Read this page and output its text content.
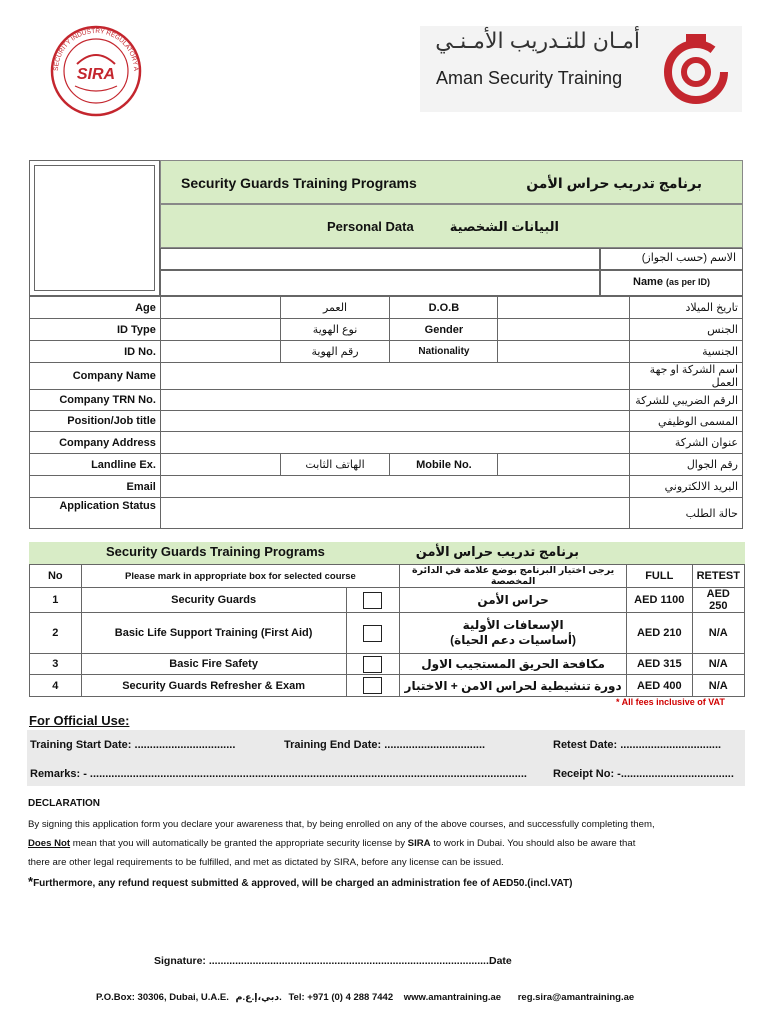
SECURITY INDUSTRY REGULATORY A
SIRA
أمـان للتـدريب الأمـنـي
Aman Security Training
Security Guards Training Programs	برنامج تدريب حراس الأمن
Personal Data	البيانات الشخصية
الاسم (حسب الجواز)
Name (as per ID)
Age		العمر	D.O.B		تاريخ الميلاد
ID Type		نوع الهوية	Gender		الجنس
ID No.		رقم الهوية	Nationality		الجنسية
Company Name					اسم الشركة او جهة العمل
Company TRN No.					الرقم الضريبي للشركة
Position/Job title					المسمى الوظيفي
Company Address					عنوان الشركة
Landline Ex.		الهاتف الثابت	Mobile No.		رقم الجوال
Email					البريد الالكتروني
Application Status					حالة الطلب
Security Guards Training Programs	برنامج تدريب حراس الأمن
No	Please mark in appropriate box for selected course		يرجى اختيار البرنامج بوضع علامة في الدائرة المخصصة	FULL	RETEST
1	Security Guards		حراس الأمن	AED 1100	AED 250
2	Basic Life Support Training (First Aid)		الإسعافات الأولية
(أساسيات دعم الحياة)	AED 210	N/A
3	Basic Fire Safety		مكافحة الحريق المستجيب الاول	AED 315	N/A
4	Security Guards Refresher & Exam		دورة تنشيطية لحراس الامن + الاختبار	AED 400	N/A
* All fees inclusive of VAT
For Official Use:
Training Start Date: .................................	Training End Date: .................................	Retest Date: .................................
Remarks: - ...............................................................................................................................................	Receipt No: -.....................................
DECLARATION
By signing this application form you declare your awareness that, by being enrolled on any of the above courses, and successfully completing them,
Does Not mean that you will automatically be granted the appropriate security license by SIRA to work in Dubai. You should also be aware that
there are other legal requirements to be fulfilled, and met as dictated by SIRA, before any license can be issued.
*Furthermore, any refund request submitted & approved, will be charged an administration fee of AED50.(incl.VAT)
Signature: ..................................................................................................
Date
P.O.Box: 30306, Dubai, U.A.E. دبي،إ.ع.م. Tel: +971 (0) 4 288 7442 www.amantraining.ae reg.sira@amantraining.ae
